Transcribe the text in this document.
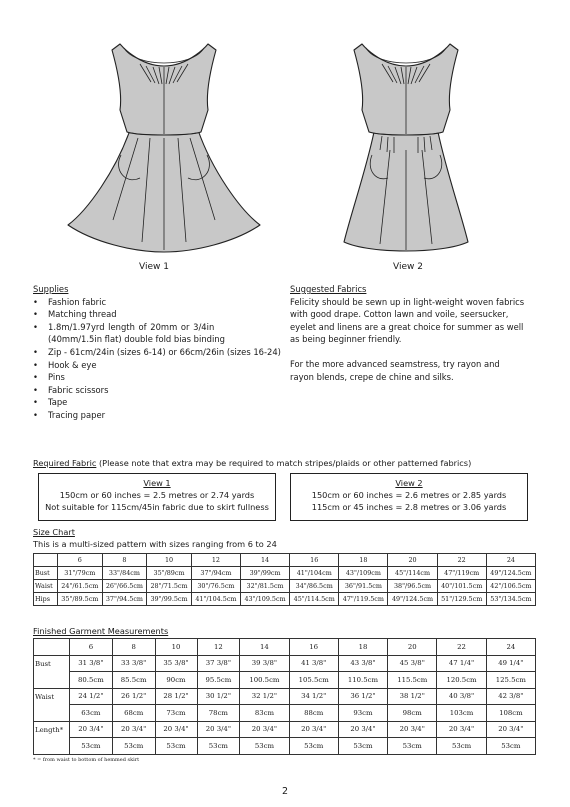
View 1	View 2
Supplies
• Fashion fabric
• Matching thread
• 1.8m/1.97yrd length of 20mm or 3/4in
(40mm/1.5in flat) double fold bias binding
• Zip - 61cm/24in (sizes 6-14) or 66cm/26in (sizes 16-24)
• Hook & eye
• Pins
• Fabric scissors
• Tape
• Tracing paper
Suggested Fabrics
Felicity should be sewn up in light-weight woven fabrics
with good drape. Cotton lawn and voile, seersucker,
eyelet and linens are a great choice for summer as well
as being beginner friendly.
For the more advanced seamstress, try rayon and
rayon blends, crepe de chine and silks.
Required Fabric (Please note that extra may be required to match stripes/plaids or other patterned fabrics)
View 1
150cm or 60 inches = 2.5 metres or 2.74 yards
Not suitable for 115cm/45in fabric due to skirt fullness
View 2
150cm or 60 inches = 2.6 metres or 2.85 yards
115cm or 45 inches = 2.8 metres or 3.06 yards
Size Chart
This is a multi-sized pattern with sizes ranging from 6 to 24
	6	8	10	12	14	16	18	20	22	24
Bust	31"/79cm	33"/84cm	35"/89cm	37"/94cm	39"/99cm	41"/104cm	43"/109cm	45"/114cm	47"/119cm	49"/124.5cm
Waist	24"/61.5cm	26"/66.5cm	28"/71.5cm	30"/76.5cm	32"/81.5cm	34"/86.5cm	36"/91.5cm	38"/96.5cm	40"/101.5cm	42"/106.5cm
Hips	35"/89.5cm	37"/94.5cm	39"/99.5cm	41"/104.5cm	43"/109.5cm	45"/114.5cm	47"/119.5cm	49"/124.5cm	51"/129.5cm	53"/134.5cm
Finished Garment Measurements
	6	8	10	12	14	16	18	20	22	24
Bust	31 3/8"	33 3/8"	35 3/8"	37 3/8"	39 3/8"	41 3/8"	43 3/8"	45 3/8"	47 1/4"	49 1/4"
	80.5cm	85.5cm	90cm	95.5cm	100.5cm	105.5cm	110.5cm	115.5cm	120.5cm	125.5cm
Waist	24 1/2"	26 1/2"	28 1/2"	30 1/2"	32 1/2"	34 1/2"	36 1/2"	38 1/2"	40 3/8"	42 3/8"
	63cm	68cm	73cm	78cm	83cm	88cm	93cm	98cm	103cm	108cm
Length*	20 3/4"	20 3/4"	20 3/4"	20 3/4"	20 3/4"	20 3/4"	20 3/4"	20 3/4"	20 3/4"	20 3/4"
	53cm	53cm	53cm	53cm	53cm	53cm	53cm	53cm	53cm	53cm
* = from waist to bottom of hemmed skirt
2
